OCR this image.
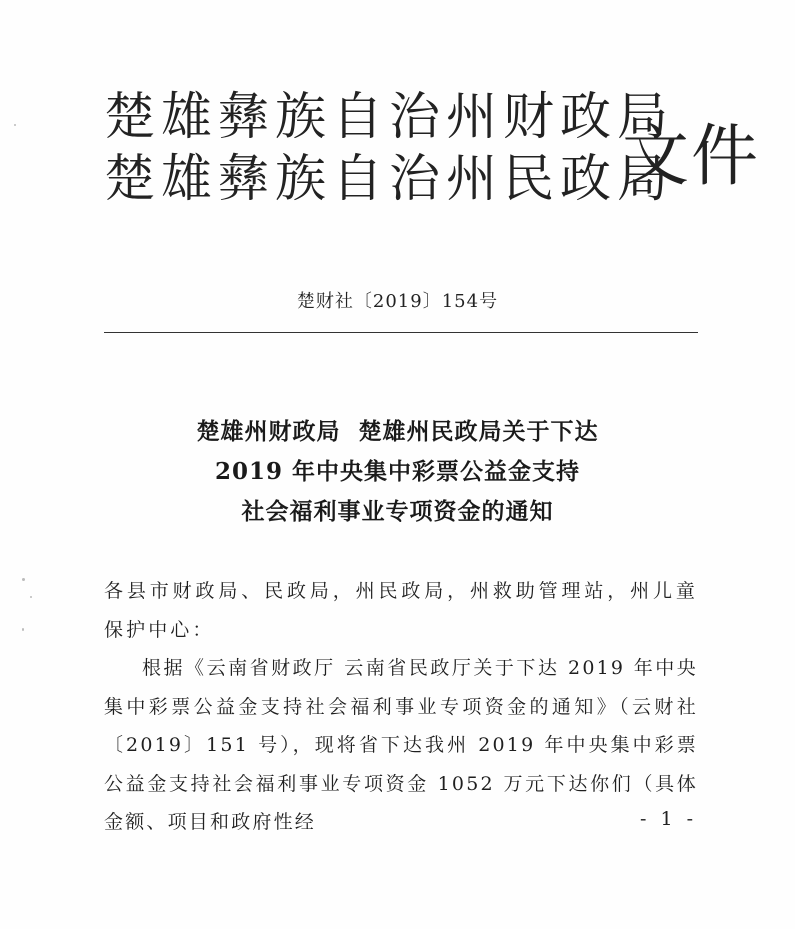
楚雄彝族自治州财政局
楚雄彝族自治州民政局
文件
楚财社〔2019〕154号
楚雄州财政局  楚雄州民政局关于下达
2019 年中央集中彩票公益金支持
社会福利事业专项资金的通知

各县市财政局、民政局，州民政局，州救助管理站，州儿童保护中心：

根据《云南省财政厅 云南省民政厅关于下达 2019 年中央集中彩票公益金支持社会福利事业专项资金的通知》（云财社〔2019〕151 号），现将省下达我州 2019 年中央集中彩票公益金支持社会福利事业专项资金 1052 万元下达你们（具体金额、项目和政府性经	- 1 -
